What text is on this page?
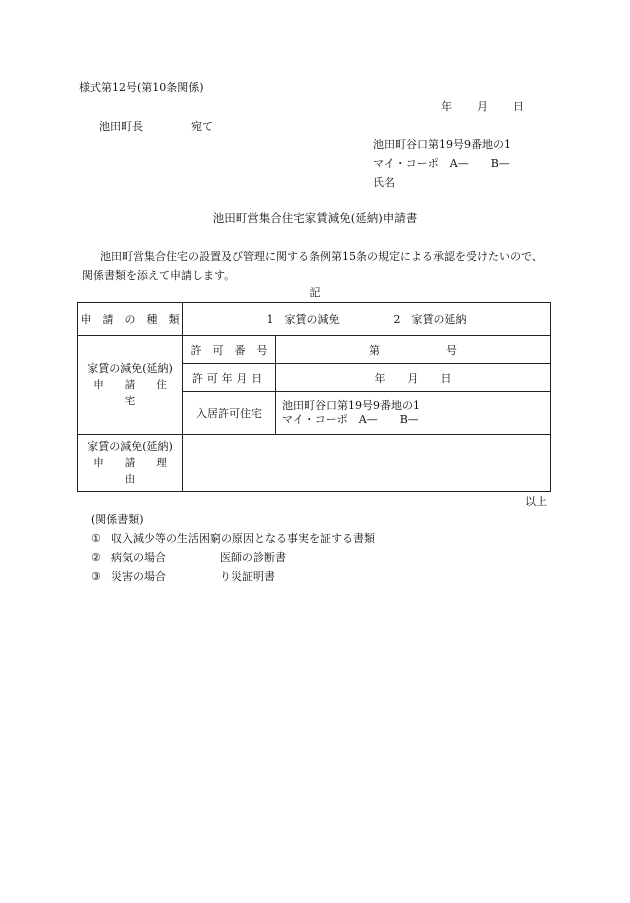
様式第12号(第10条関係)
年 月 日
池田町長	宛て
池田町谷口第19号9番地の1
マイ・コーポ　A—　　B—
氏名
池田町営集合住宅家賃減免(延納)申請書
池田町営集合住宅の設置及び管理に関する条例第15条の規定による承認を受けたいので、関係書類を添えて申請します。
記
申　請　の　種　類	1　家賃の減免 2　家賃の延納	

家賃の減免(延納)
申　　請　　住　　宅	許　可　番　号	第　　　　　　号
	許可年月日	年　　月　　日
	入居許可住宅	池田町谷口第19号9番地の1
マイ・コーポ　A—　　B—

家賃の減免(延納)
申　　請　　理　　由		

以上
(関係書類)
① 収入減少等の生活困窮の原因となる事実を証する書類
② 病気の場合	医師の診断書
③ 災害の場合	り災証明書
